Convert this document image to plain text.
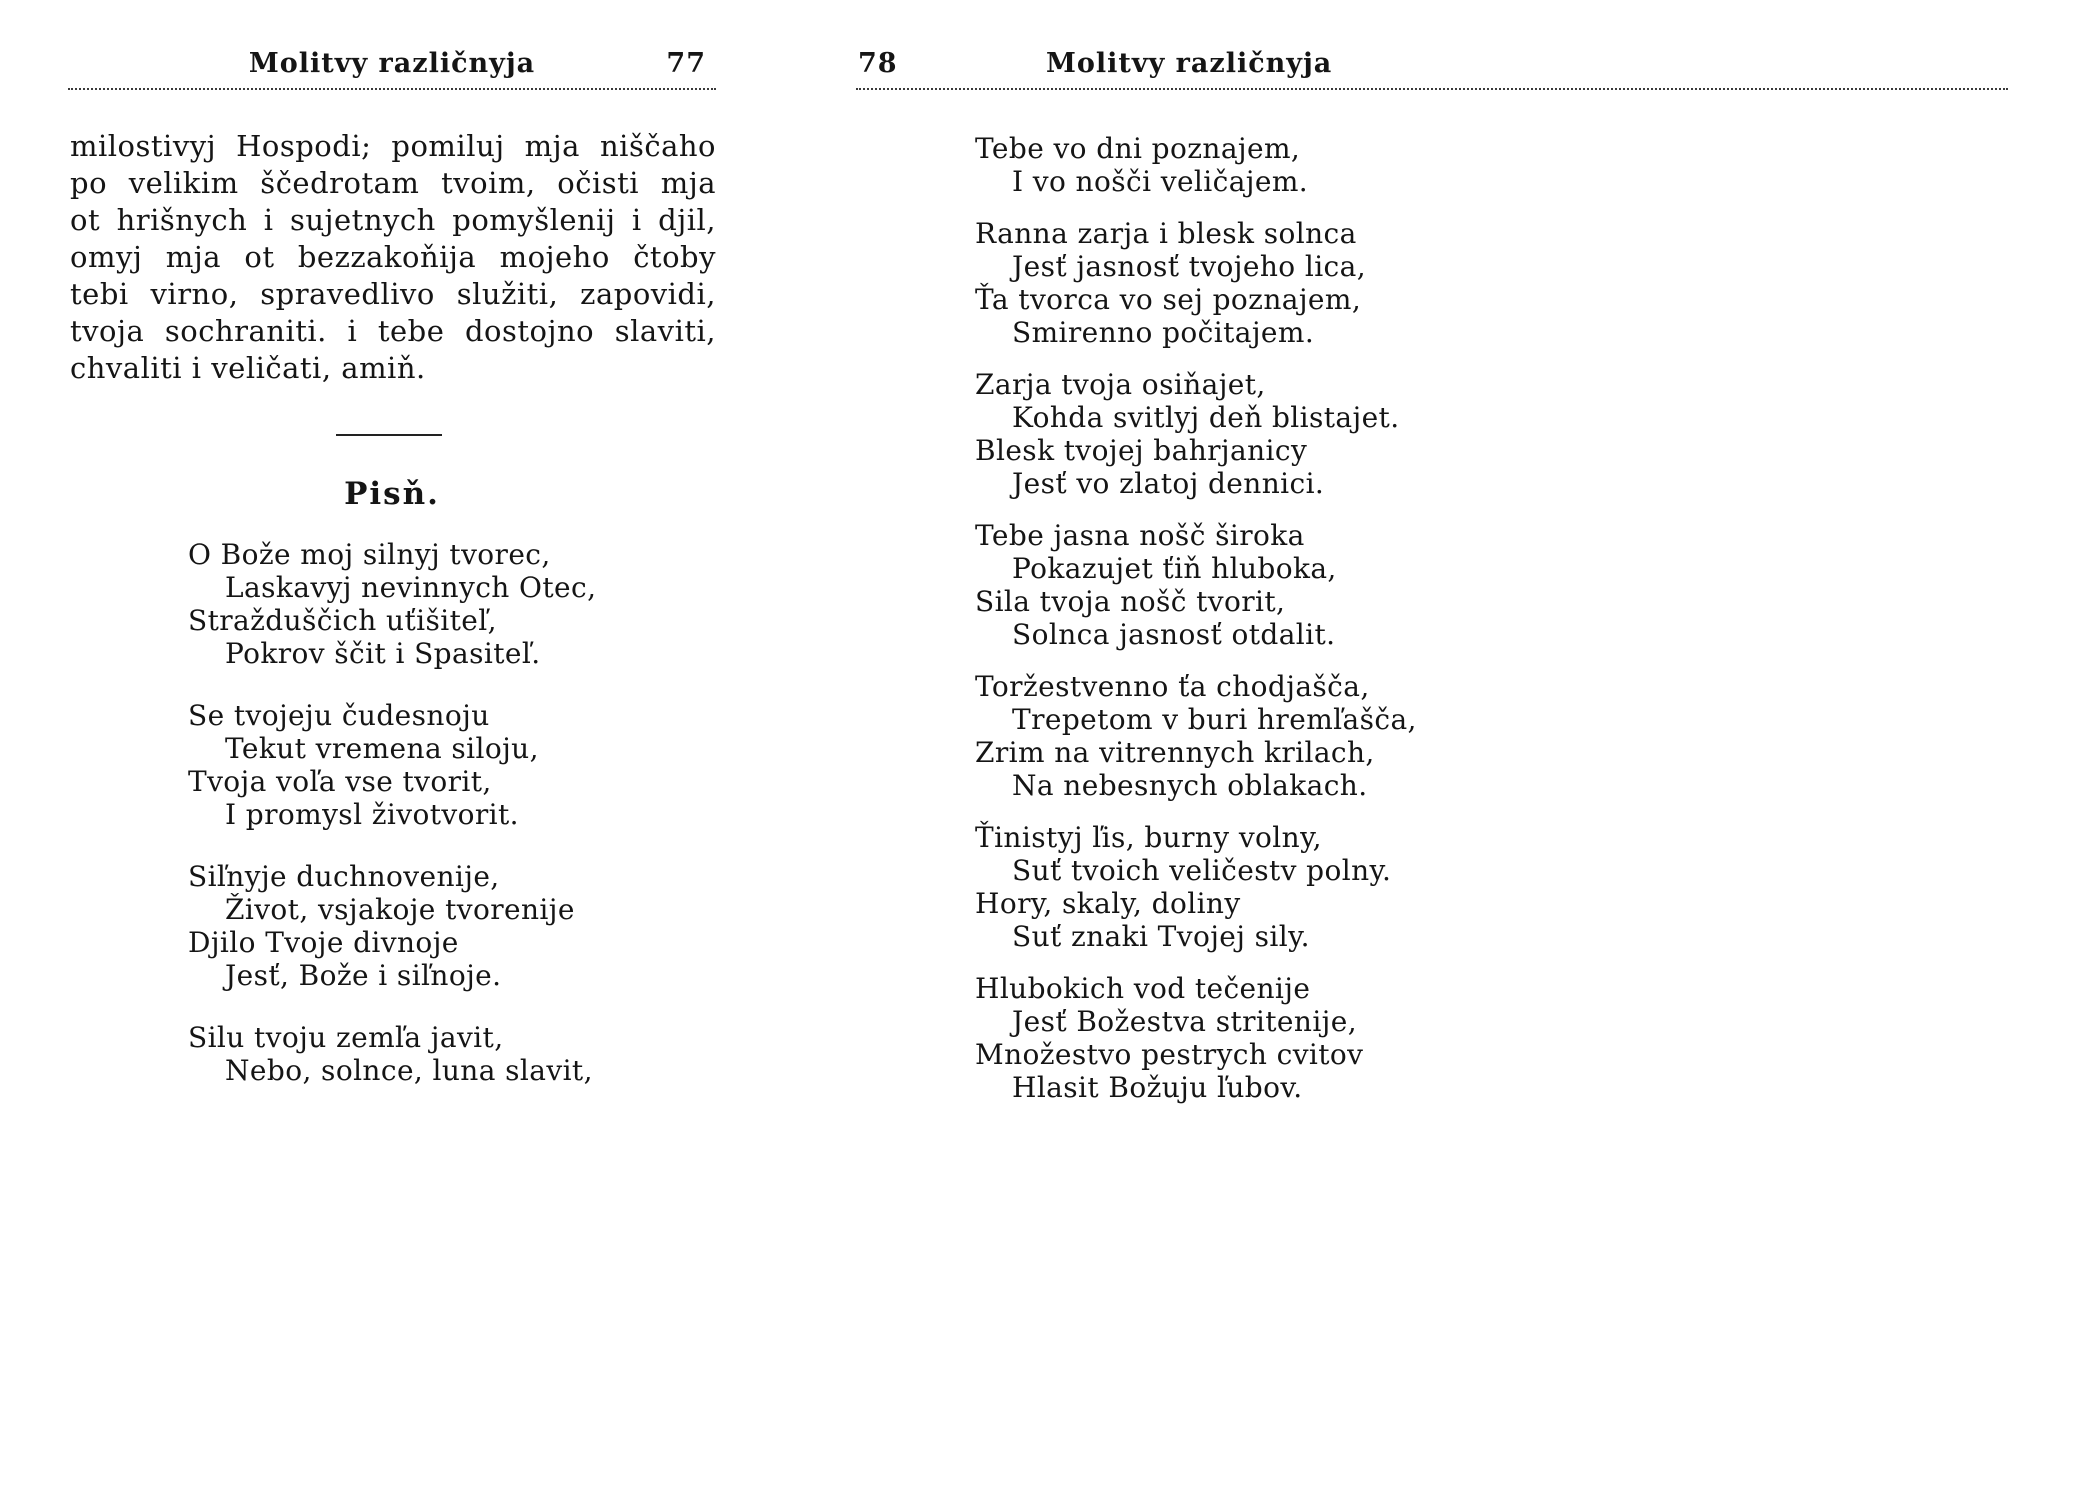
Molitvy različnyja	77
milostivyj Hospodi; pomiluj mja niščaho
po velikim ščedrotam tvoim, očisti mja
ot hrišnych i sujetnych pomyšlenij i djil,
omyj mja ot bezzakoňija mojeho čtoby
tebi virno, spravedlivo služiti, zapovidi,
tvoja sochraniti. i tebe dostojno slaviti,
chvaliti i veličati, amiň.
Pisň.
O Bože moj silnyj tvorec,
Laskavyj nevinnych Otec,
Stražduščich uťišiteľ,
Pokrov ščit i Spasiteľ.
Se tvojeju čudesnoju
Tekut vremena siloju,
Tvoja voľa vse tvorit,
I promysl životvorit.
Siľnyje duchnovenije,
Život, vsjakoje tvorenije
Djilo Tvoje divnoje
Jesť, Bože i siľnoje.
Silu tvoju zemľa javit,
Nebo, solnce, luna slavit,
78	Molitvy različnyja
Tebe vo dni poznajem,
I vo nošči veličajem.
Ranna zarja i blesk solnca
Jesť jasnosť tvojeho lica,
Ťa tvorca vo sej poznajem,
Smirenno počitajem.
Zarja tvoja osiňajet,
Kohda svitlyj deň blistajet.
Blesk tvojej bahrjanicy
Jesť vo zlatoj dennici.
Tebe jasna nošč široka
Pokazujet ťiň hluboka,
Sila tvoja nošč tvorit,
Solnca jasnosť otdalit.
Toržestvenno ťa chodjašča,
Trepetom v buri hremľašča,
Zrim na vitrennych krilach,
Na nebesnych oblakach.
Ťinistyj ľis, burny volny,
Suť tvoich veličestv polny.
Hory, skaly, doliny
Suť znaki Tvojej sily.
Hlubokich vod tečenije
Jesť Božestva stritenije,
Množestvo pestrych cvitov
Hlasit Božuju ľubov.
